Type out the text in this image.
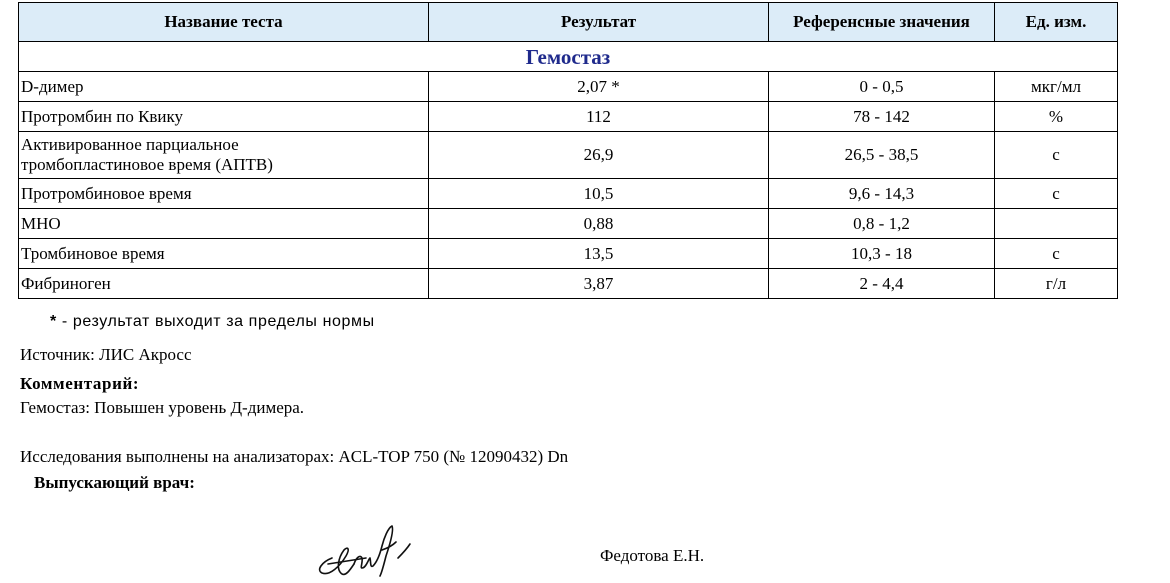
Название теста	Результат	Референсные значения	Ед. изм.
Гемостаз			
D-димер	2,07 *	0 - 0,5	мкг/мл
Протромбин по Квику	112	78 - 142	%

Активированное парциальное
тромбопластиновое время (АПТВ)	26,9	26,5 - 38,5	с
Протромбиновое время	10,5	9,6 - 14,3	с
МНО	0,88	0,8 - 1,2	
Тромбиновое время	13,5	10,3 - 18	с
Фибриноген	3,87	2 - 4,4	г/л
* - результат выходит за пределы нормы
Источник: ЛИС Акросс
Комментарий:
Гемостаз: Повышен уровень Д-димера.
Исследования выполнены на анализаторах: ACL-TOP 750 (№ 12090432) Dn
Выпускающий врач:
Федотова Е.Н.
